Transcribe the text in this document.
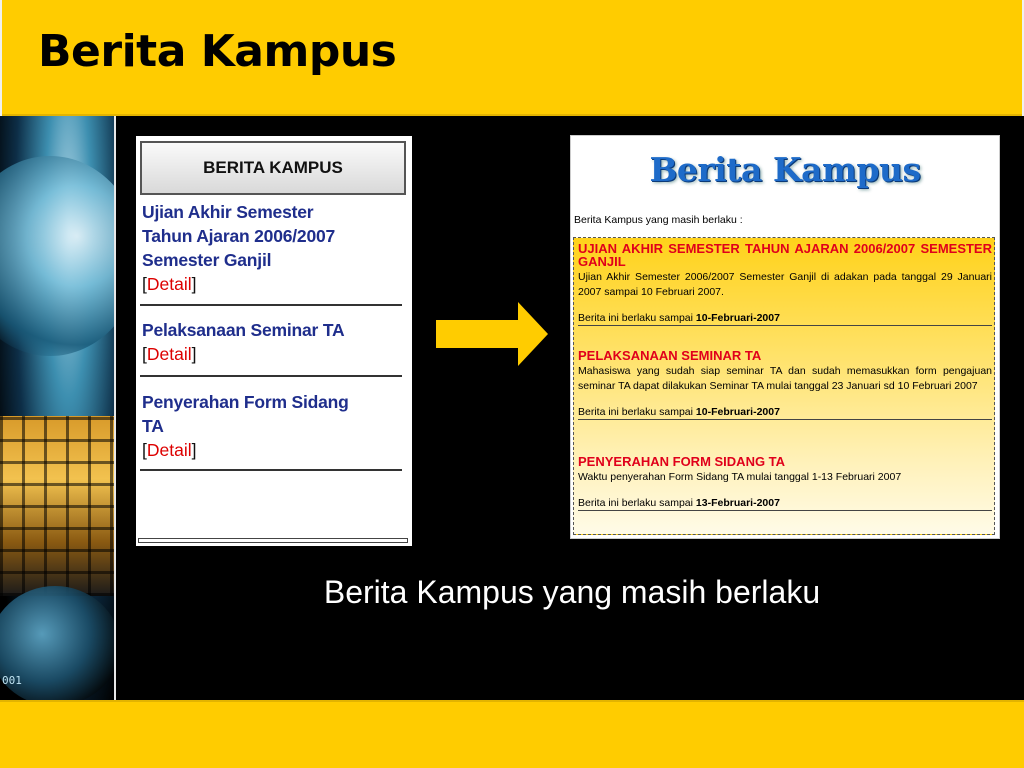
Berita Kampus
001
BERITA KAMPUS
Ujian Akhir Semester
Tahun Ajaran 2006/2007
Semester Ganjil
[Detail]
Pelaksanaan Seminar TA
[Detail]
Penyerahan Form Sidang
TA
[Detail]
Berita Kampus
Berita Kampus yang masih berlaku :
UJIAN AKHIR SEMESTER TAHUN AJARAN 2006/2007 SEMESTER GANJIL
Ujian Akhir Semester 2006/2007 Semester Ganjil di adakan pada tanggal 29 Januari 2007 sampai 10 Februari 2007.
Berita ini berlaku sampai 10-Februari-2007
PELAKSANAAN SEMINAR TA
Mahasiswa yang sudah siap seminar TA dan sudah memasukkan form pengajuan seminar TA dapat dilakukan Seminar TA mulai tanggal 23 Januari sd 10 Februari 2007
Berita ini berlaku sampai 10-Februari-2007
PENYERAHAN FORM SIDANG TA
Waktu penyerahan Form Sidang TA mulai tanggal 1-13 Februari 2007
Berita ini berlaku sampai 13-Februari-2007
Berita Kampus yang masih berlaku
